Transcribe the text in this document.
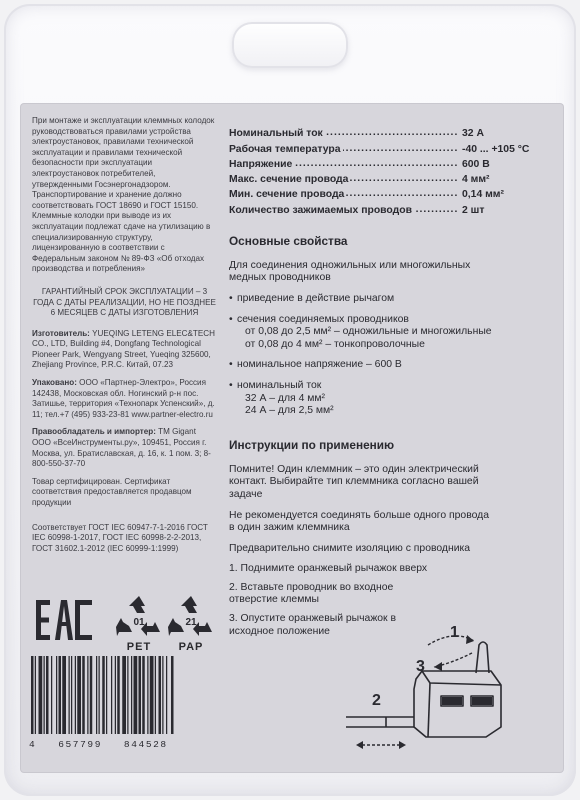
При монтаже и эксплуатации клеммных колодок руководствоваться правилами устройства электроустановок, правилами технической эксплуатации и правилами технической безопасности при эксплуатации электроустановок потребителей, утвержденными Госэнергонадзором. Транспортирование и хранение должно соответствовать ГОСТ 18690 и ГОСТ 15150. Клеммные колодки при выводе из их эксплуатации подлежат сдаче на утилизацию в специализированную структуру, лицензированную в соответствии с Федеральным законом № 89-ФЗ «Об отходах производства и потребления»

ГАРАНТИЙНЫЙ СРОК ЭКСПЛУАТАЦИИ – 3 ГОДА С ДАТЫ РЕАЛИЗАЦИИ, НО НЕ ПОЗДНЕЕ 6 МЕСЯЦЕВ С ДАТЫ ИЗГОТОВЛЕНИЯ

Изготовитель: YUEQING LETENG ELEC&TECH CO., LTD, Building #4, Dongfang Technological Pioneer Park, Wengyang Street, Yueqing 325600, Zhejiang Province, P.R.C. Китай, 07.23

Упаковано: ООО «Партнер-Электро», Россия 142438, Московская обл. Ногинский р-н пос. Затишье, территория «Технопарк Успенский», д. 11; тел.+7 (495) 933-23-81 www.partner-electro.ru

Правообладатель и импортер: TM Gigant ООО «ВсеИнструменты.ру», 109451, Россия г. Москва, ул. Братиславская, д. 16, к. 1 пом. 3; 8-800-550-37-70

Товар сертифицирован. Сертификат соответствия предоставляется продавцом продукции

Соответствует ГОСТ IEC 60947-7-1-2016 ГОСТ IEC 60998-1-2017, ГОСТ IEC 60998-2-2-2013, ГОСТ 31602.1-2012 (IEC 60999-1:1999)

01
PET
21
PAP
4   657799   844528
Номинальный ток .....	32 А
Рабочая температура .....	-40 ... +105 °С
Напряжение .....	600 В
Макс. сечение провода .....	4 мм²
Мин. сечение провода .....	0,14 мм²
Количество зажимаемых проводов .....	2 шт
Основные свойства
Для соединения одножильных или многожильных медных проводников
• приведение в действие рычагом
• сечения соединяемых проводников
от 0,08 до 2,5 мм² – одножильные и многожильные
от 0,08 до 4 мм² – тонкопроволочные
• номинальное напряжение – 600 В
• номинальный ток
32 А – для 4 мм²
24 А – для 2,5 мм²
Инструкции по применению
Помните! Один клеммник – это один электрический контакт. Выбирайте тип клеммника согласно вашей задаче
Не рекомендуется соединять больше одного провода в один зажим клеммника
Предварительно снимите изоляцию с проводника
1. Поднимите оранжевый рычажок вверх
2. Вставьте проводник во входное отверстие клеммы
3. Опустите оранжевый рычажок в исходное положение	1
2
3
